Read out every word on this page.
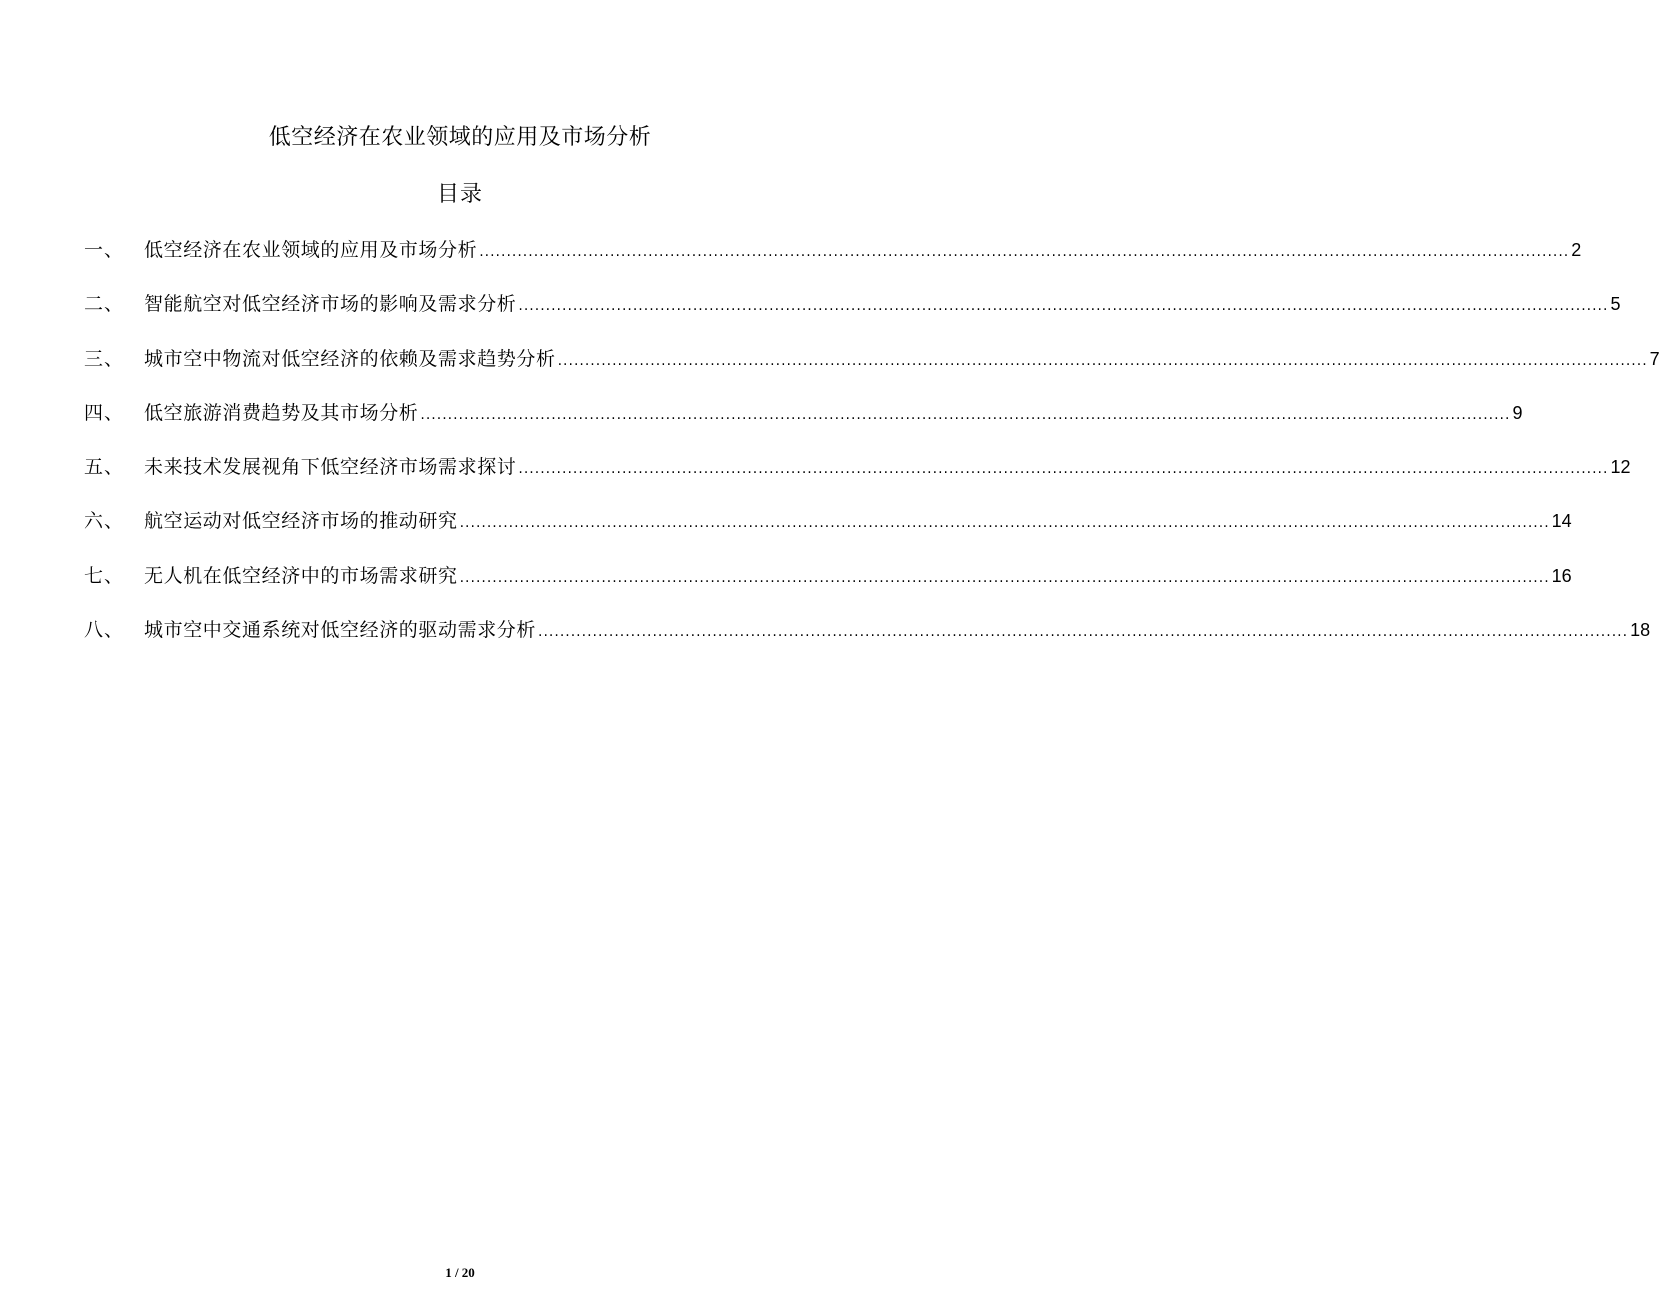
低空经济在农业领域的应用及市场分析
目录
一、	低空经济在农业领域的应用及市场分析 ........................................................................................................................................................................................................ 2
二、	智能航空对低空经济市场的影响及需求分析 ........................................................................................................................................................................................................ 5
三、	城市空中物流对低空经济的依赖及需求趋势分析 ........................................................................................................................................................................................................ 7
四、	低空旅游消费趋势及其市场分析 ........................................................................................................................................................................................................ 9
五、	未来技术发展视角下低空经济市场需求探讨 ........................................................................................................................................................................................................ 12
六、	航空运动对低空经济市场的推动研究 ........................................................................................................................................................................................................ 14
七、	无人机在低空经济中的市场需求研究 ........................................................................................................................................................................................................ 16
八、	城市空中交通系统对低空经济的驱动需求分析 ........................................................................................................................................................................................................ 18
1 / 20
